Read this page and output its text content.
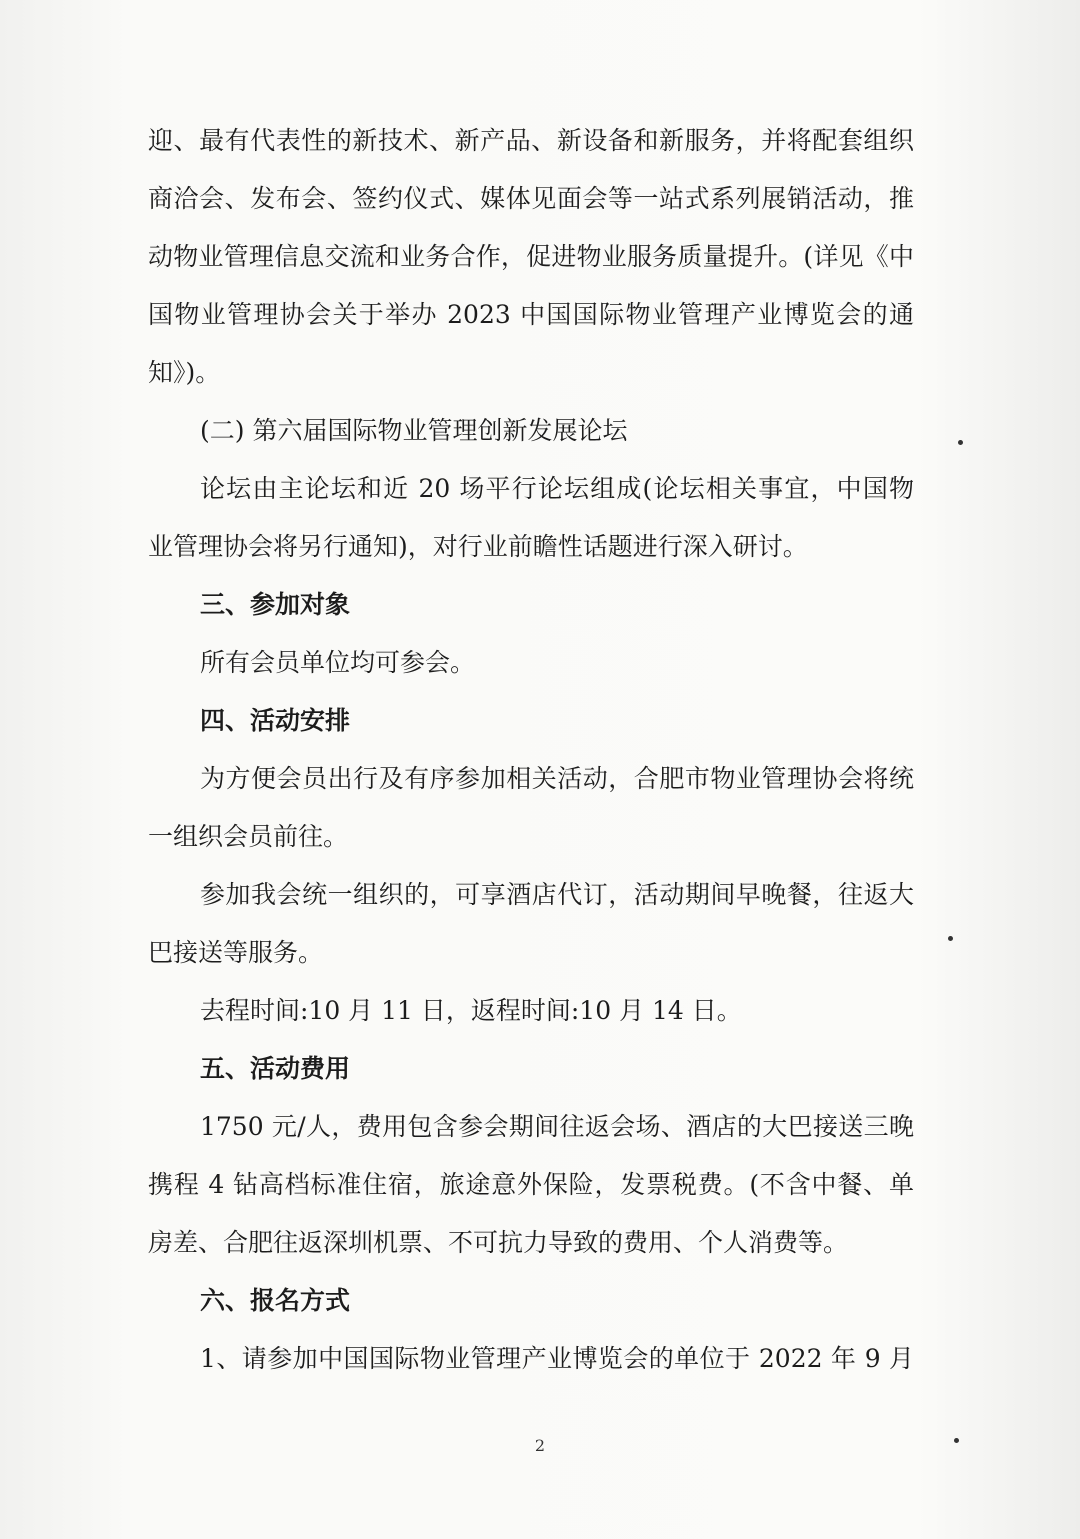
迎、最有代表性的新技术、新产品、新设备和新服务，并将配套组织
商洽会、发布会、签约仪式、媒体见面会等一站式系列展销活动，推
动物业管理信息交流和业务合作，促进物业服务质量提升。(详见《中
国物业管理协会关于举办 2023 中国国际物业管理产业博览会的通
知》)。
(二) 第六届国际物业管理创新发展论坛
论坛由主论坛和近 20 场平行论坛组成(论坛相关事宜，中国物
业管理协会将另行通知)，对行业前瞻性话题进行深入研讨。
三、参加对象
所有会员单位均可参会。
四、活动安排
为方便会员出行及有序参加相关活动，合肥市物业管理协会将统
一组织会员前往。
参加我会统一组织的，可享酒店代订，活动期间早晚餐，往返大
巴接送等服务。
去程时间:10 月 11 日，返程时间:10 月 14 日。
五、活动费用
1750 元/人，费用包含参会期间往返会场、酒店的大巴接送三晚
携程 4 钻高档标准住宿，旅途意外保险，发票税费。(不含中餐、单
房差、合肥往返深圳机票、不可抗力导致的费用、个人消费等。
六、报名方式
1、请参加中国国际物业管理产业博览会的单位于 2022 年 9 月
2
